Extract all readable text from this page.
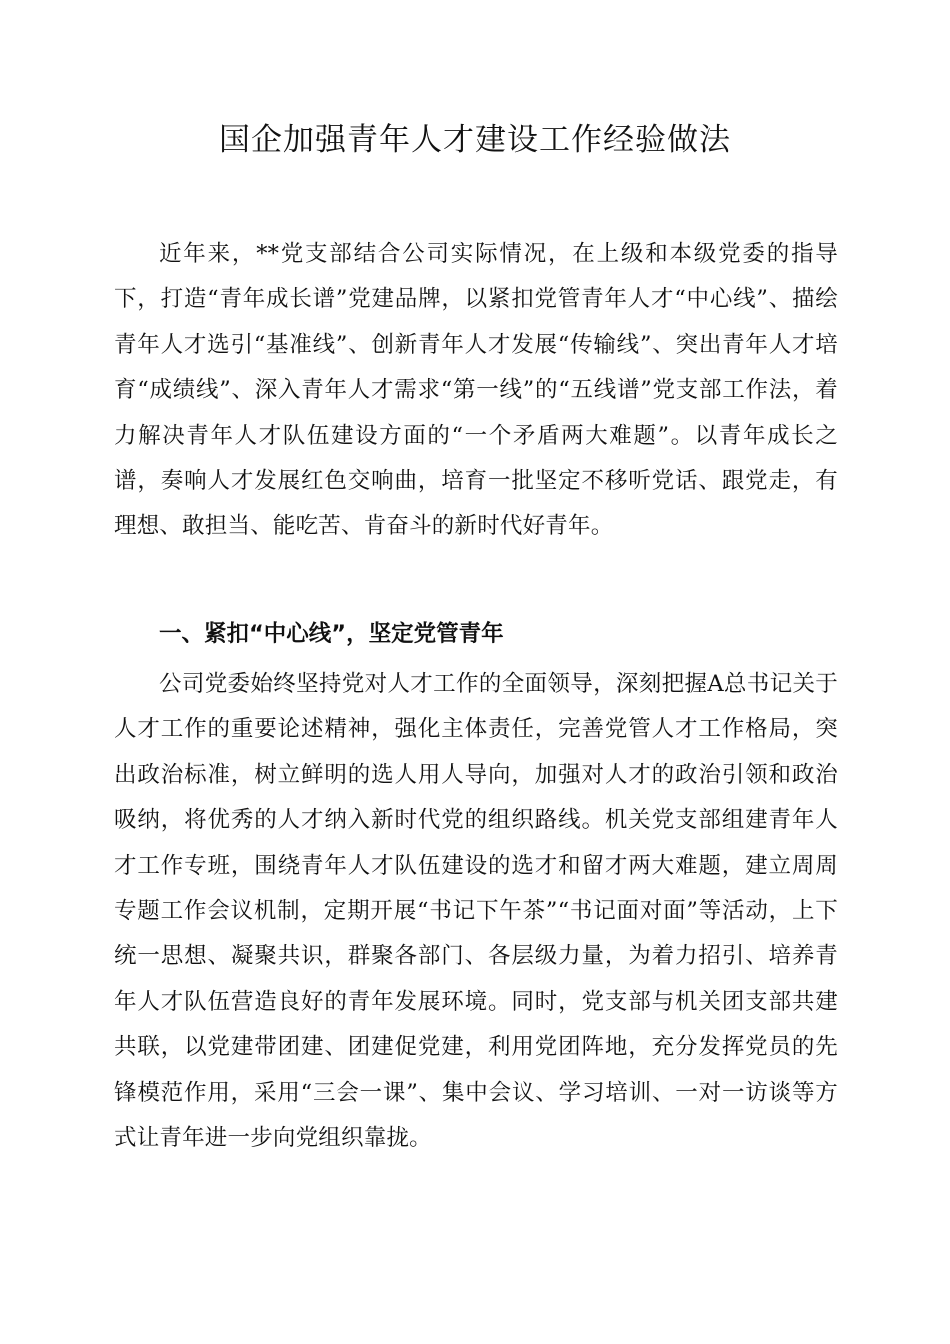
国企加强青年人才建设工作经验做法

近年来，**党支部结合公司实际情况，在上级和本级党委的指导下，打造“青年成长谱”党建品牌，以紧扣党管青年人才“中心线”、描绘青年人才选引“基准线”、创新青年人才发展“传输线”、突出青年人才培育“成绩线”、深入青年人才需求“第一线”的“五线谱”党支部工作法，着力解决青年人才队伍建设方面的“一个矛盾两大难题”。以青年成长之谱，奏响人才发展红色交响曲，培育一批坚定不移听党话、跟党走，有理想、敢担当、能吃苦、肯奋斗的新时代好青年。

一、紧扣“中心线”，坚定党管青年

公司党委始终坚持党对人才工作的全面领导，深刻把握A总书记关于人才工作的重要论述精神，强化主体责任，完善党管人才工作格局，突出政治标准，树立鲜明的选人用人导向，加强对人才的政治引领和政治吸纳，将优秀的人才纳入新时代党的组织路线。机关党支部组建青年人才工作专班，围绕青年人才队伍建设的选才和留才两大难题，建立周周专题工作会议机制，定期开展“书记下午茶”“书记面对面”等活动，上下统一思想、凝聚共识，群聚各部门、各层级力量，为着力招引、培养青年人才队伍营造良好的青年发展环境。同时，党支部与机关团支部共建共联，以党建带团建、团建促党建，利用党团阵地，充分发挥党员的先锋模范作用，采用“三会一课”、集中会议、学习培训、一对一访谈等方式让青年进一步向党组织靠拢。
